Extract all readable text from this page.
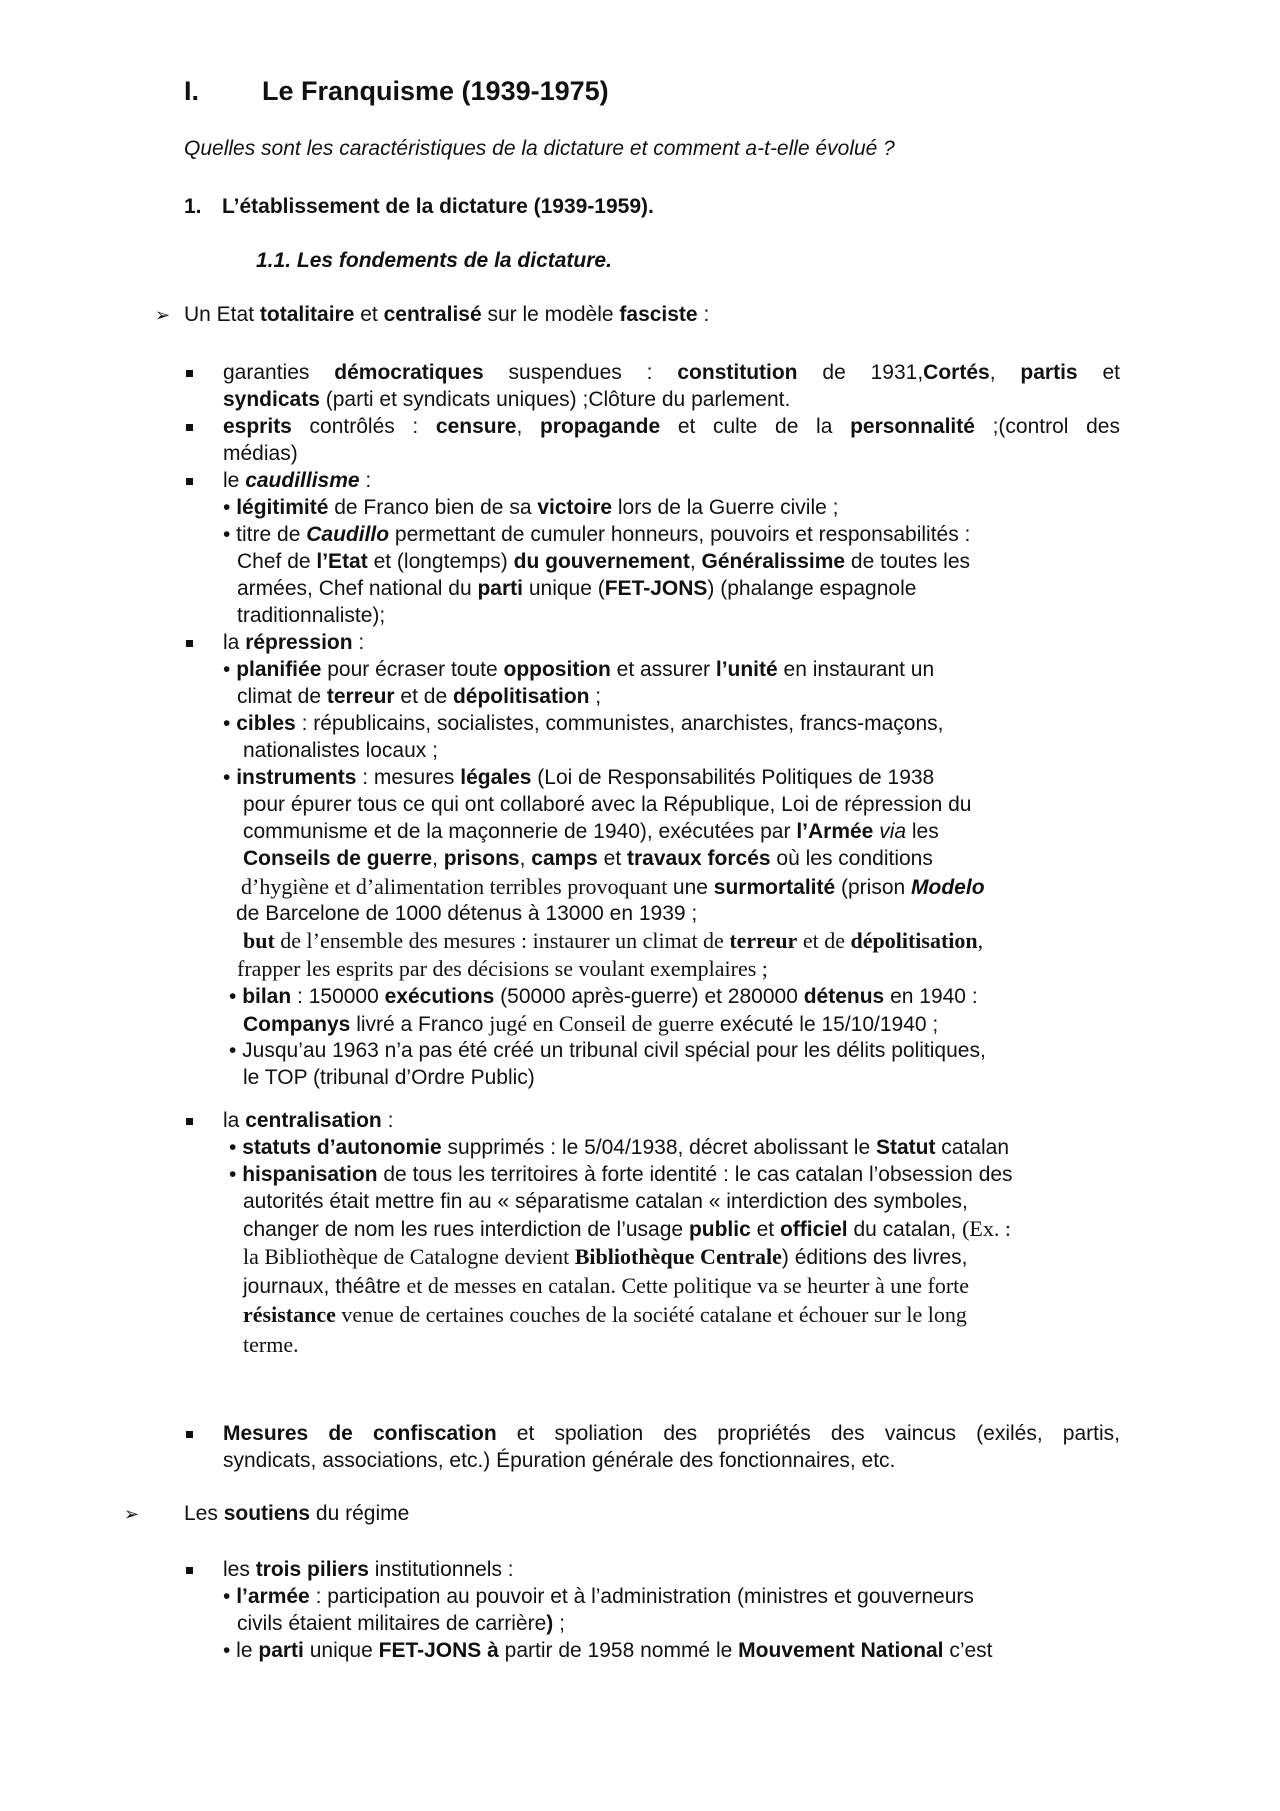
I. Le Franquisme (1939-1975)
Quelles sont les caractéristiques de la dictature et comment a-t-elle évolué ?
1. L’établissement de la dictature (1939-1959).
1.1. Les fondements de la dictature.
➢ Un Etat totalitaire et centralisé sur le modèle fasciste :
garanties démocratiques suspendues : constitution de 1931,Cortés, partis et
syndicats (parti et syndicats uniques) ;Clôture du parlement.
esprits contrôlés : censure, propagande et culte de la personnalité ;(control des
médias)
le caudillisme :
• légitimité de Franco bien de sa victoire lors de la Guerre civile ;
• titre de Caudillo permettant de cumuler honneurs, pouvoirs et responsabilités :
Chef de l’Etat et (longtemps) du gouvernement, Généralissime de toutes les
armées, Chef national du parti unique (FET-JONS) (phalange espagnole
traditionnaliste);
la répression :
• planifiée pour écraser toute opposition et assurer l’unité en instaurant un
climat de terreur et de dépolitisation ;
• cibles : républicains, socialistes, communistes, anarchistes, francs-maçons,
nationalistes locaux ;
• instruments : mesures légales (Loi de Responsabilités Politiques de 1938
pour épurer tous ce qui ont collaboré avec la République, Loi de répression du
communisme et de la maçonnerie de 1940), exécutées par l’Armée via les
Conseils de guerre, prisons, camps et travaux forcés où les conditions
d’hygiène et d’alimentation terribles provoquant une surmortalité (prison Modelo
de Barcelone de 1000 détenus à 13000 en 1939 ;
but de l’ensemble des mesures : instaurer un climat de terreur et de dépolitisation,
frapper les esprits par des décisions se voulant exemplaires ;
• bilan : 150000 exécutions (50000 après-guerre) et 280000 détenus en 1940 :
Companys livré a Franco jugé en Conseil de guerre exécuté le 15/10/1940 ;
• Jusqu’au 1963 n’a pas été créé un tribunal civil spécial pour les délits politiques,
le TOP (tribunal d’Ordre Public)
la centralisation :
• statuts d’autonomie supprimés : le 5/04/1938, décret abolissant le Statut catalan
• hispanisation de tous les territoires à forte identité : le cas catalan l’obsession des
autorités était mettre fin au « séparatisme catalan « interdiction des symboles,
changer de nom les rues interdiction de l’usage public et officiel du catalan, (Ex. :
la Bibliothèque de Catalogne devient Bibliothèque Centrale) éditions des livres,
journaux, théâtre et de messes en catalan. Cette politique va se heurter à une forte
résistance venue de certaines couches de la société catalane et échouer sur le long
terme.
Mesures de confiscation et spoliation des propriétés des vaincus (exilés, partis,
syndicats, associations, etc.) Épuration générale des fonctionnaires, etc.
➢ Les soutiens du régime
les trois piliers institutionnels :
• l’armée : participation au pouvoir et à l’administration (ministres et gouverneurs
civils étaient militaires de carrière) ;
• le parti unique FET-JONS à partir de 1958 nommé le Mouvement National c’est
